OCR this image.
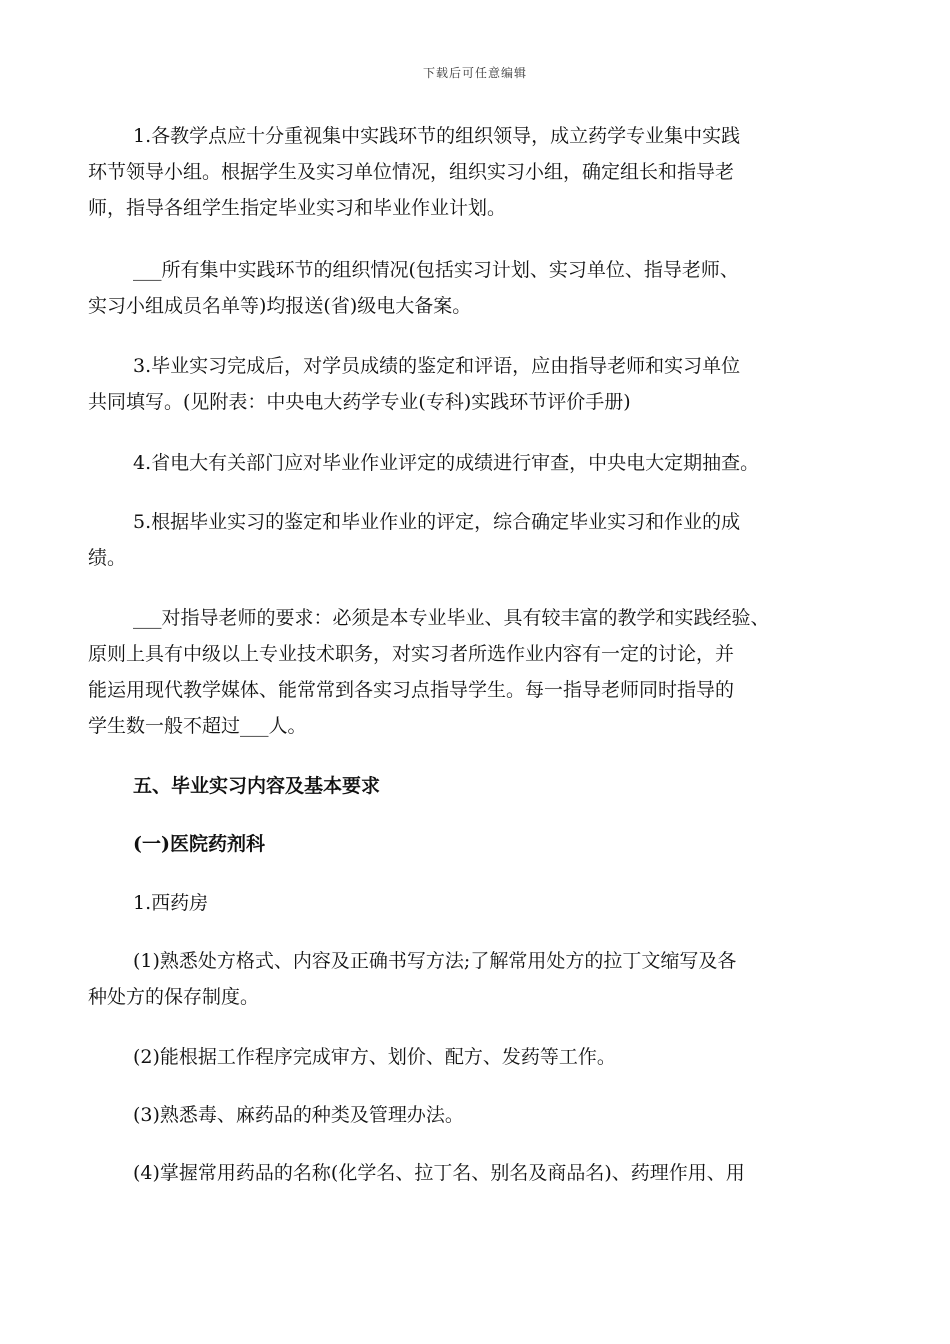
下载后可任意编辑

1.各教学点应十分重视集中实践环节的组织领导，成立药学专业集中实践
环节领导小组。根据学生及实习单位情况，组织实习小组，确定组长和指导老
师，指导各组学生指定毕业实习和毕业作业计划。

___所有集中实践环节的组织情况(包括实习计划、实习单位、指导老师、
实习小组成员名单等)均报送(省)级电大备案。

3.毕业实习完成后，对学员成绩的鉴定和评语，应由指导老师和实习单位
共同填写。(见附表：中央电大药学专业(专科)实践环节评价手册)

4.省电大有关部门应对毕业作业评定的成绩进行审查，中央电大定期抽查。

5.根据毕业实习的鉴定和毕业作业的评定，综合确定毕业实习和作业的成
绩。

___对指导老师的要求：必须是本专业毕业、具有较丰富的教学和实践经验、
原则上具有中级以上专业技术职务，对实习者所选作业内容有一定的讨论，并
能运用现代教学媒体、能常常到各实习点指导学生。每一指导老师同时指导的
学生数一般不超过___人。

五、毕业实习内容及基本要求

(一)医院药剂科

1.西药房

(1)熟悉处方格式、内容及正确书写方法;了解常用处方的拉丁文缩写及各
种处方的保存制度。

(2)能根据工作程序完成审方、划价、配方、发药等工作。

(3)熟悉毒、麻药品的种类及管理办法。

(4)掌握常用药品的名称(化学名、拉丁名、别名及商品名)、药理作用、用
